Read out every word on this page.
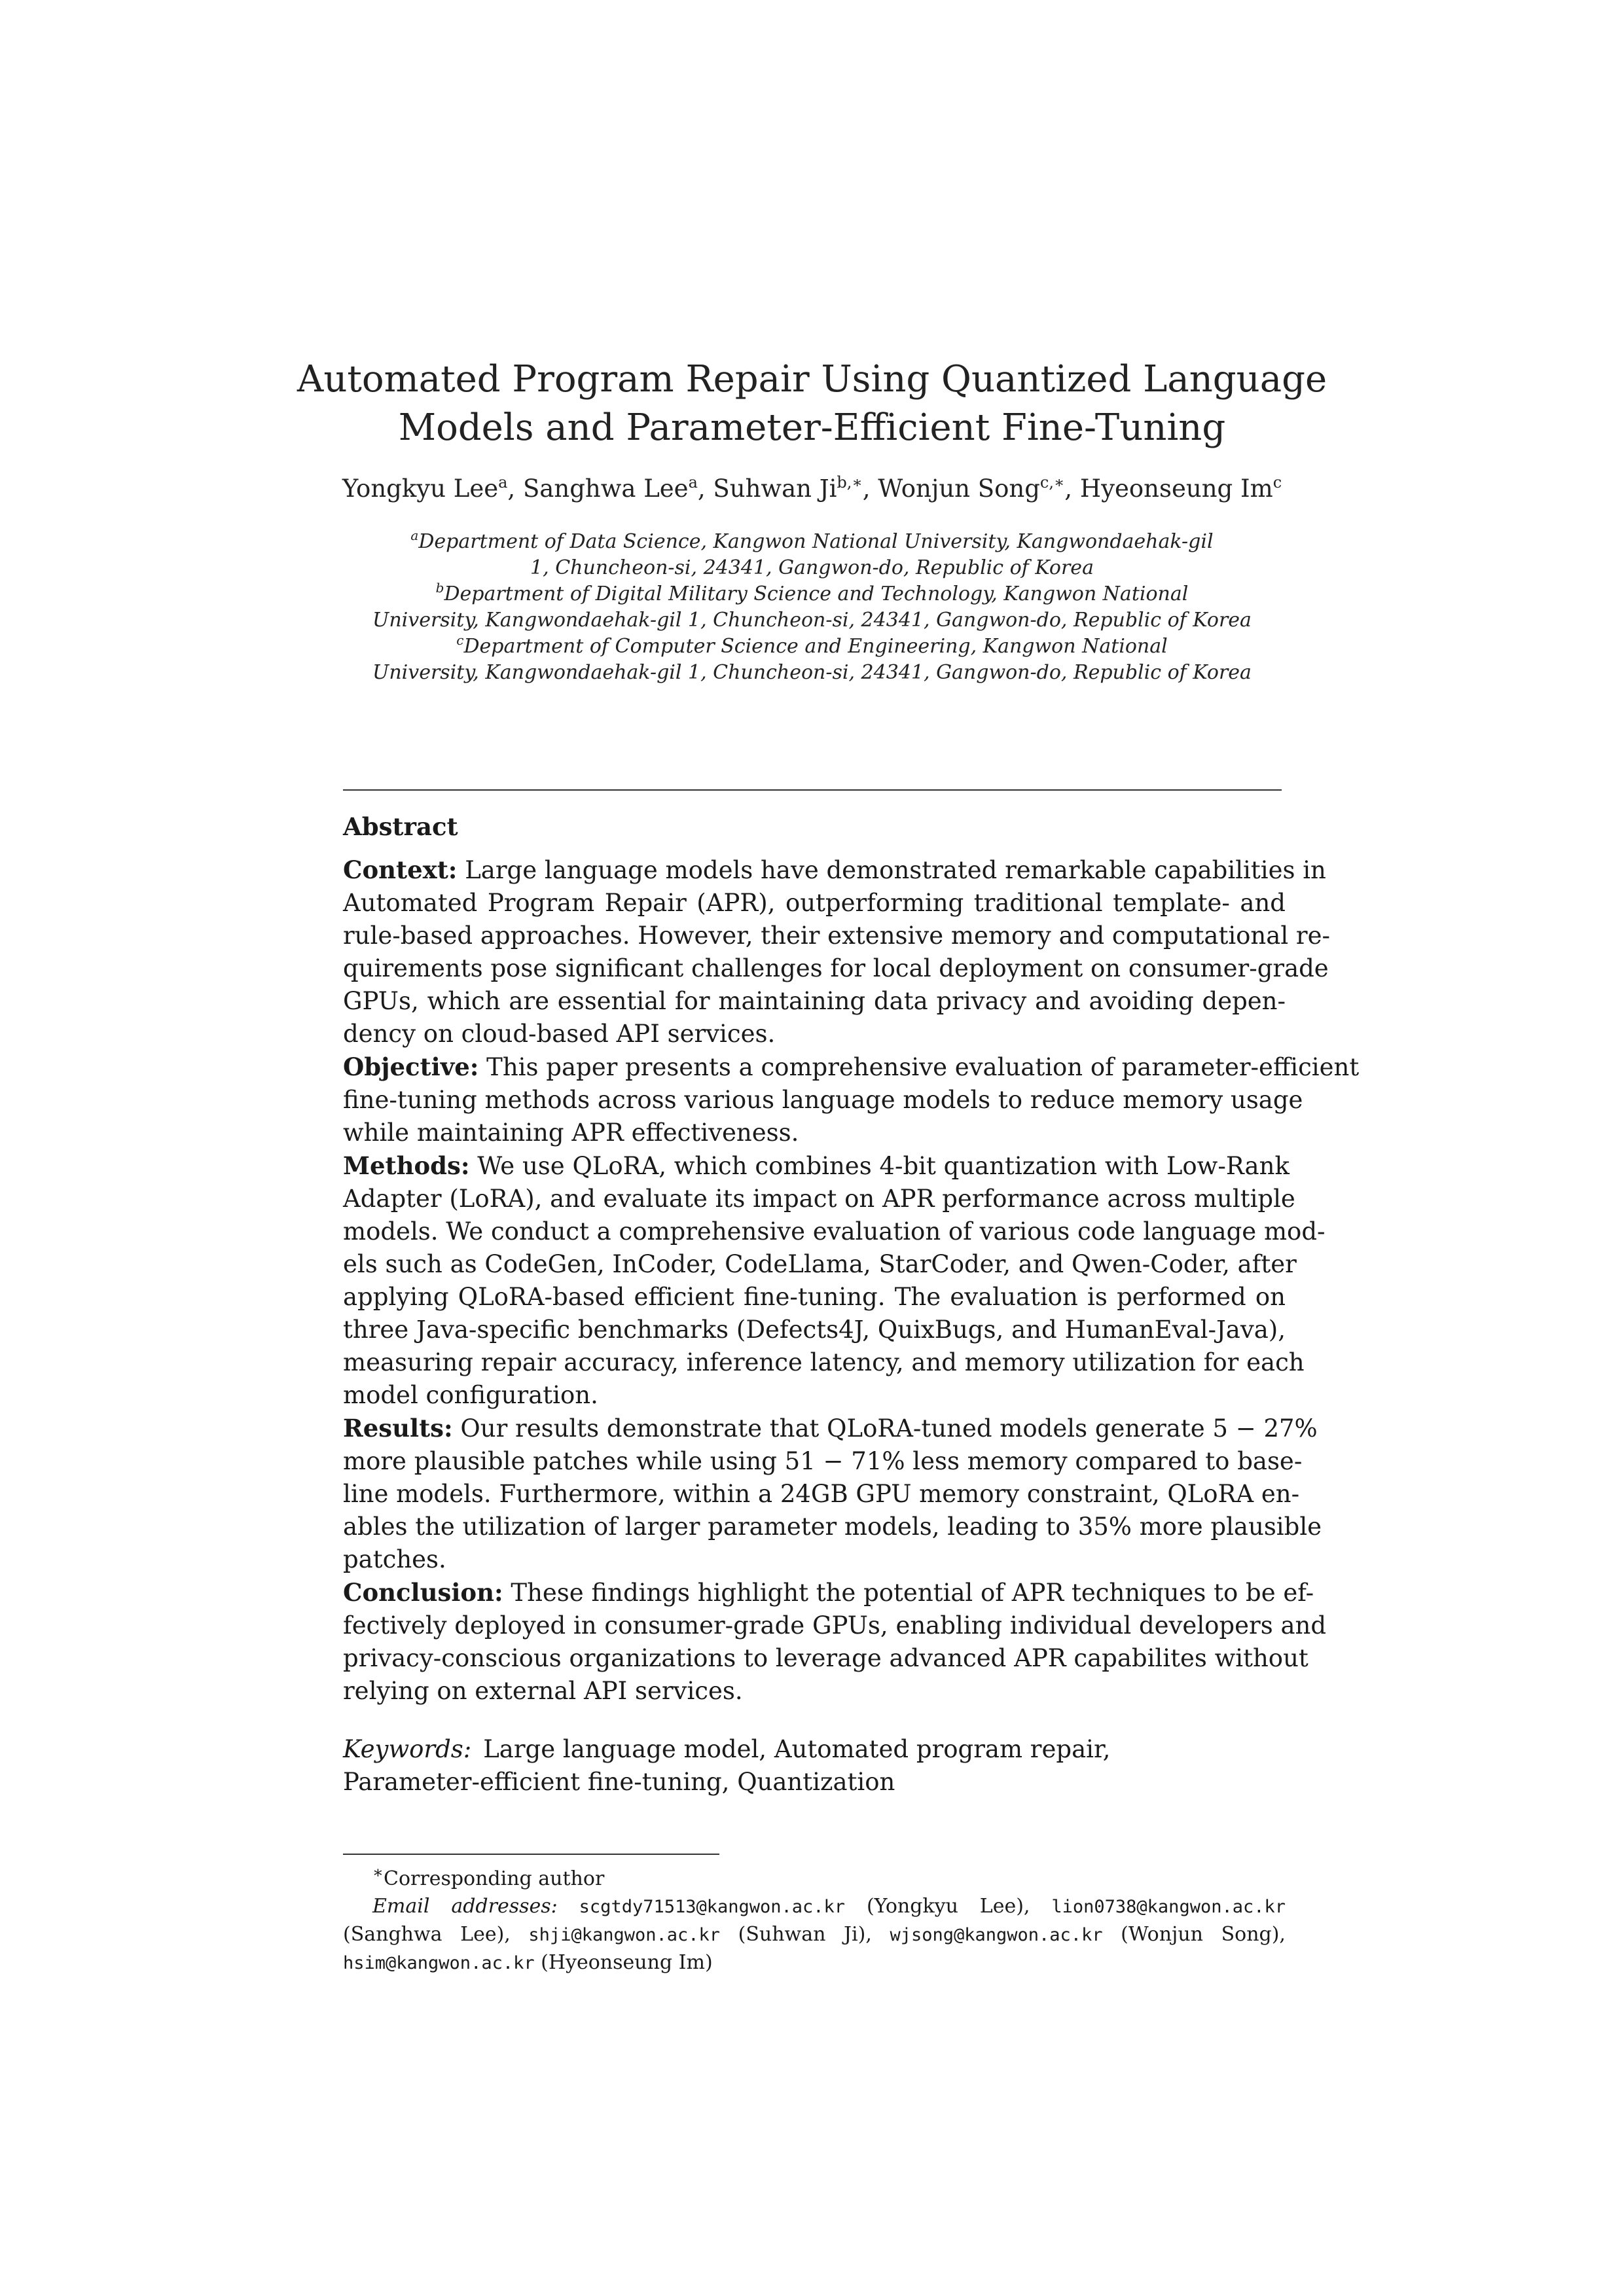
Automated Program Repair Using Quantized Language
Models and Parameter-Efficient Fine-Tuning
Yongkyu Lee$^a$, Sanghwa Lee$^a$, Suhwan $Ji^{b,∗}$, Wonjun Song$^{c,∗}$, Hyeonseung Im$^c$
$^a$Department of Data Science, Kangwon National University, Kangwondaehak-gil
1, Chuncheon-si, 24341, Gangwon-do, Republic of Korea
$^b$Department of Digital Military Science and Technology, Kangwon National
University, Kangwondaehak-gil 1, Chuncheon-si, 24341, Gangwon-do, Republic of Korea
$^c$Department of Computer Science and Engineering, Kangwon National
University, Kangwondaehak-gil 1, Chuncheon-si, 24341, Gangwon-do, Republic of Korea
Abstract
Context: Large language models have demonstrated remarkable capabilities in
Automated Program Repair (APR), outperforming traditional template- and
rule-based approaches. However, their extensive memory and computational re-
quirements pose significant challenges for local deployment on consumer-grade
GPUs, which are essential for maintaining data privacy and avoiding depen-
dency on cloud-based API services.
Objective: This paper presents a comprehensive evaluation of parameter-efficient
fine-tuning methods across various language models to reduce memory usage
while maintaining APR effectiveness.
Methods: We use QLoRA, which combines 4-bit quantization with Low-Rank
Adapter (LoRA), and evaluate its impact on APR performance across multiple
models. We conduct a comprehensive evaluation of various code language mod-
els such as CodeGen, InCoder, CodeLlama, StarCoder, and Qwen-Coder, after
applying QLoRA-based efficient fine-tuning. The evaluation is performed on
three Java-specific benchmarks (Defects4J, QuixBugs, and HumanEval-Java),
measuring repair accuracy, inference latency, and memory utilization for each
model configuration.
Results: Our results demonstrate that QLoRA-tuned models generate 5 − 27%
more plausible patches while using 51 − 71% less memory compared to base-
line models. Furthermore, within a 24GB GPU memory constraint, QLoRA en-
ables the utilization of larger parameter models, leading to 35% more plausible
patches.
Conclusion: These findings highlight the potential of APR techniques to be ef-
fectively deployed in consumer-grade GPUs, enabling individual developers and
privacy-conscious organizations to leverage advanced APR capabilites without
relying on external API services.
Keywords: Large language model, Automated program repair,
Parameter-efficient fine-tuning, Quantization
∗Corresponding author
Email addresses: scgtdy71513@kangwon.ac.kr (Yongkyu Lee), lion0738@kangwon.ac.kr
(Sanghwa Lee), shji@kangwon.ac.kr (Suhwan Ji), wjsong@kangwon.ac.kr (Wonjun Song),
hsim@kangwon.ac.kr (Hyeonseung Im)
